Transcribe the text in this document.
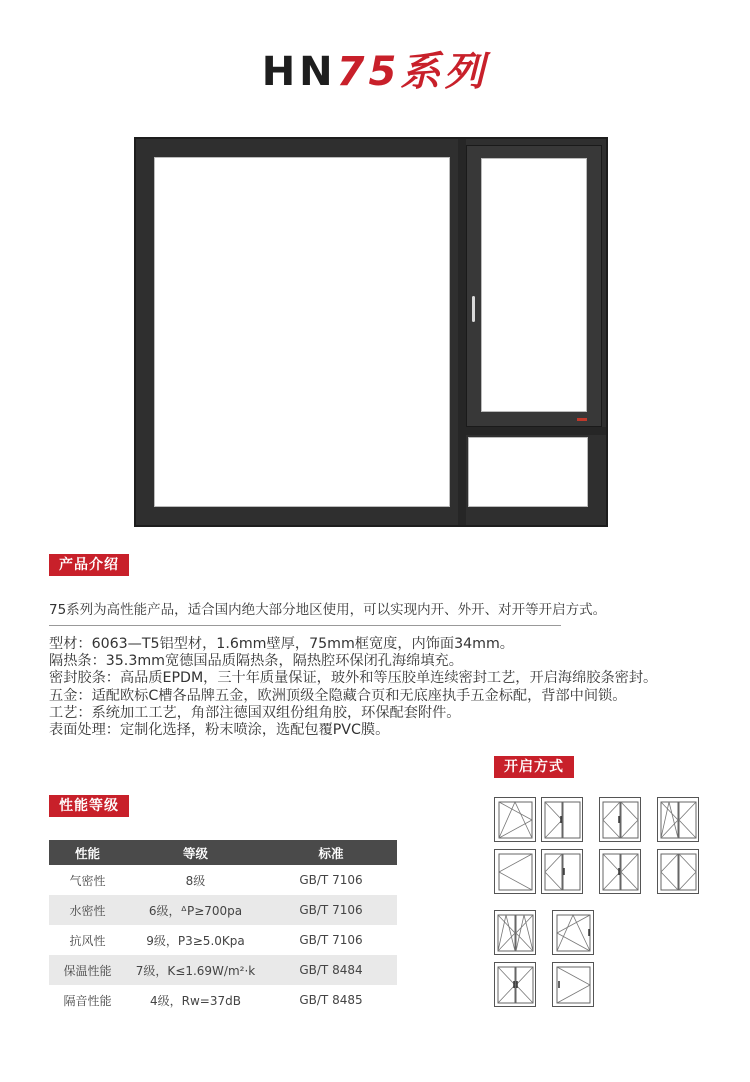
HN75系列
产品介绍
75系列为高性能产品，适合国内绝大部分地区使用，可以实现内开、外开、对开等开启方式。
型材：6063—T5铝型材，1.6mm壁厚，75mm框宽度，内饰面34mm。
隔热条：35.3mm宽德国品质隔热条，隔热腔环保闭孔海绵填充。
密封胶条：高品质EPDM，三十年质量保证，玻外和等压胶单连续密封工艺，开启海绵胶条密封。
五金：适配欧标C槽各品牌五金，欧洲顶级全隐藏合页和无底座执手五金标配，背部中间锁。
工艺：系统加工工艺，角部注德国双组份组角胶，环保配套附件。
表面处理：定制化选择，粉末喷涂，选配包覆PVC膜。
性能等级
性能	等级	标准
气密性	8级	GB/T 7106
水密性	6级，ᐞP≥700pa	GB/T 7106
抗风性	9级，P3≥5.0Kpa	GB/T 7106
保温性能	7级，K≤1.69W/m²·k	GB/T 8484
隔音性能	4级，Rw=37dB	GB/T 8485
开启方式
